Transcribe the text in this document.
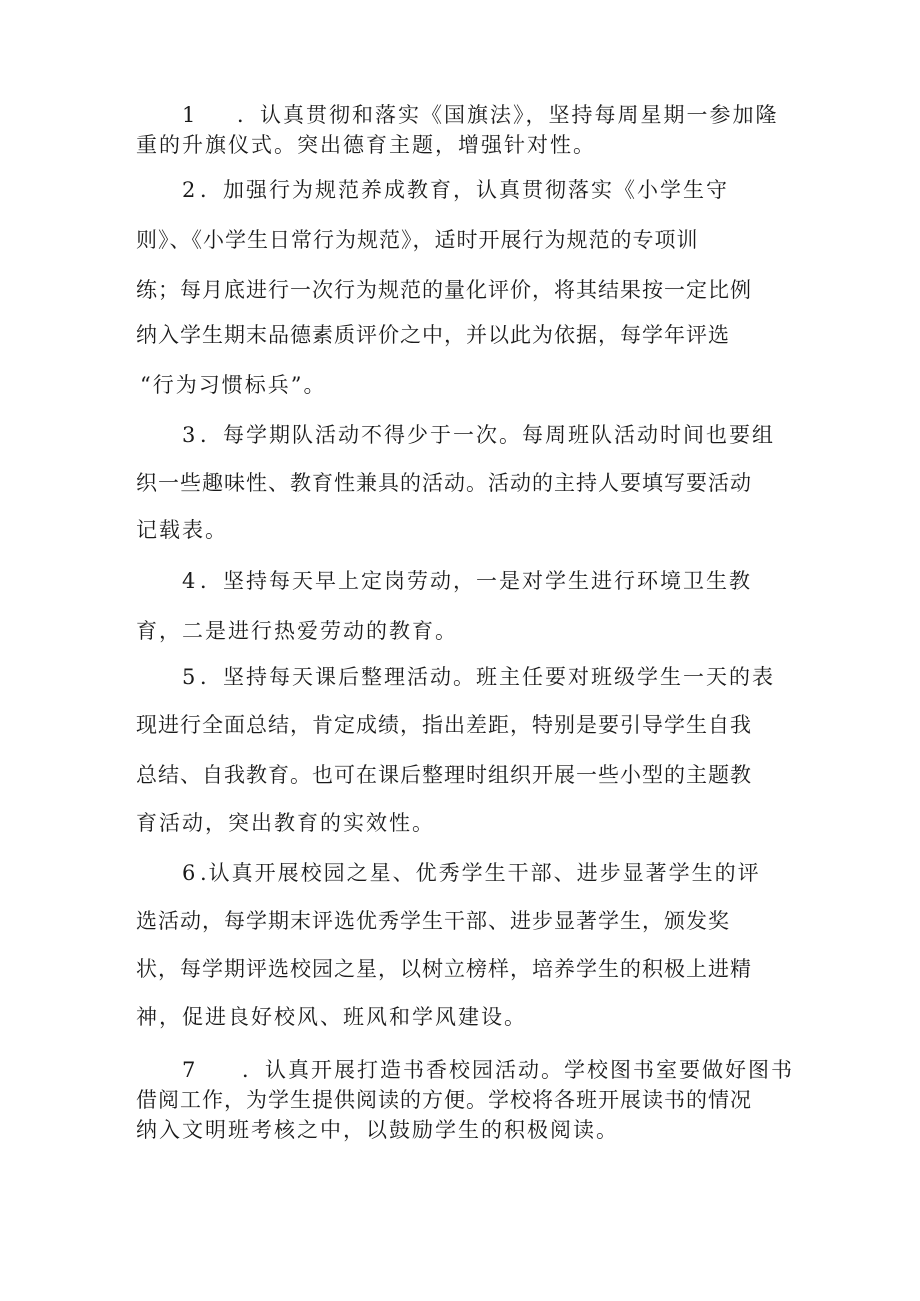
1 ．认真贯彻和落实《国旗法》，坚持每周星期一参加隆
重的升旗仪式。突出德育主题，增强针对性。
2 ．加强行为规范养成教育，认真贯彻落实《小学生守
则》、《小学生日常行为规范》，适时开展行为规范的专项训
练；每月底进行一次行为规范的量化评价，将其结果按一定比例
纳入学生期末品德素质评价之中，并以此为依据，每学年评选
“行为习惯标兵”。
3 ．每学期队活动不得少于一次。每周班队活动时间也要组
织一些趣味性、教育性兼具的活动。活动的主持人要填写要活动
记载表。
4 ．坚持每天早上定岗劳动，一是对学生进行环境卫生教
育，二是进行热爱劳动的教育。
5 ．坚持每天课后整理活动。班主任要对班级学生一天的表
现进行全面总结，肯定成绩，指出差距，特别是要引导学生自我
总结、自我教育。也可在课后整理时组织开展一些小型的主题教
育活动，突出教育的实效性。
6 .认真开展校园之星、优秀学生干部、进步显著学生的评
选活动，每学期末评选优秀学生干部、进步显著学生，颁发奖
状，每学期评选校园之星，以树立榜样，培养学生的积极上进精
神，促进良好校风、班风和学风建设。
7 ．认真开展打造书香校园活动。学校图书室要做好图书
借阅工作，为学生提供阅读的方便。学校将各班开展读书的情况
纳入文明班考核之中，以鼓励学生的积极阅读。
